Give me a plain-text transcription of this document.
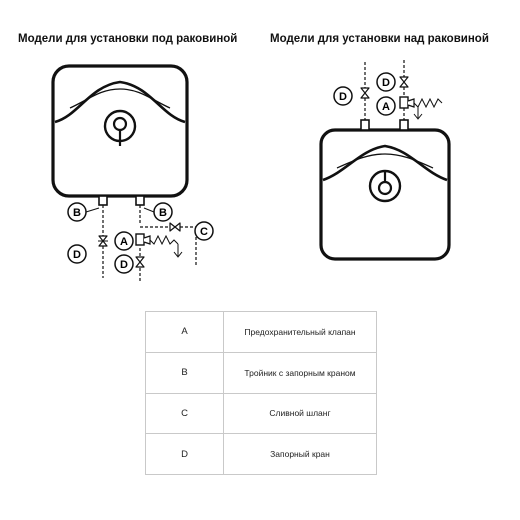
Модели для установки под раковиной	Модели для установки над раковиной
B	B
D
A
D
C
D
D
A
A	Предохранительный клапан
B	Тройник с запорным краном
C	Сливной шланг
D	Запорный кран
